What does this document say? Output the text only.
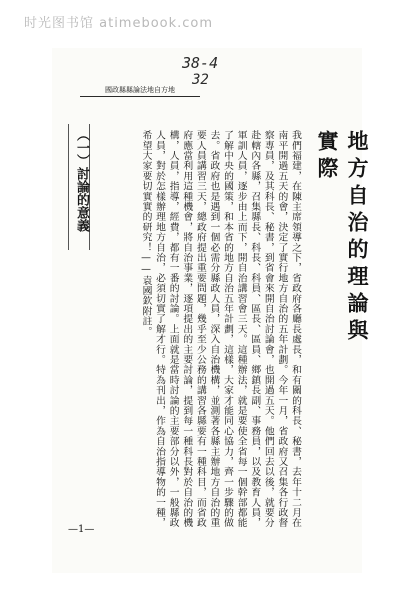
时光图书馆 atimebook.com
38-4
32
國政縣縣論法地自方地
地方自治的理論與實際
我們福建，在陳主席領導之下，省政府各廳長處長，和有關的科長、秘書，去年十二月在南平開過五天的會，決定了實行地方自治的五年計劃。今年一月，省政府又召集各行政督察專員，及其科長、秘書，到省會來開自治討論會，也開過五天。他們回去以後，就要分赴轄內各縣，召集縣長、科長、科員、區長、區員、鄉鎮長副、事務員，以及教育人員，軍訓人員，逐步由上而下，開自治講習會三天。這種辦法，就是要使全省每一個幹部都能了解中央的國策，和本省的地方自治五年計劃，這樣，大家才能同心協力，齊一步驟的做去。省政府也是遇到一個必需分縣政人員，深入自治機構，並測著各縣主辦地方自治的重要人員講習三天，總政府提出重要問題，幾乎至少公務的講習各縣要有一種科目，而省政府應當利用這種機會，將自治事業，逐項提出的主要討論，提到每一種科長對於自治的機構，人員，指導，經費，都有一番的討論。上面就是當時討論的主要部分以外，一般縣政人員，對於怎樣辦理地方自治，必須切實了解才行。特為刊出，作為自治指導物的一種，希望大家要切實實的研究！——袁國欽附註。
（一）討論的意義
—1—
